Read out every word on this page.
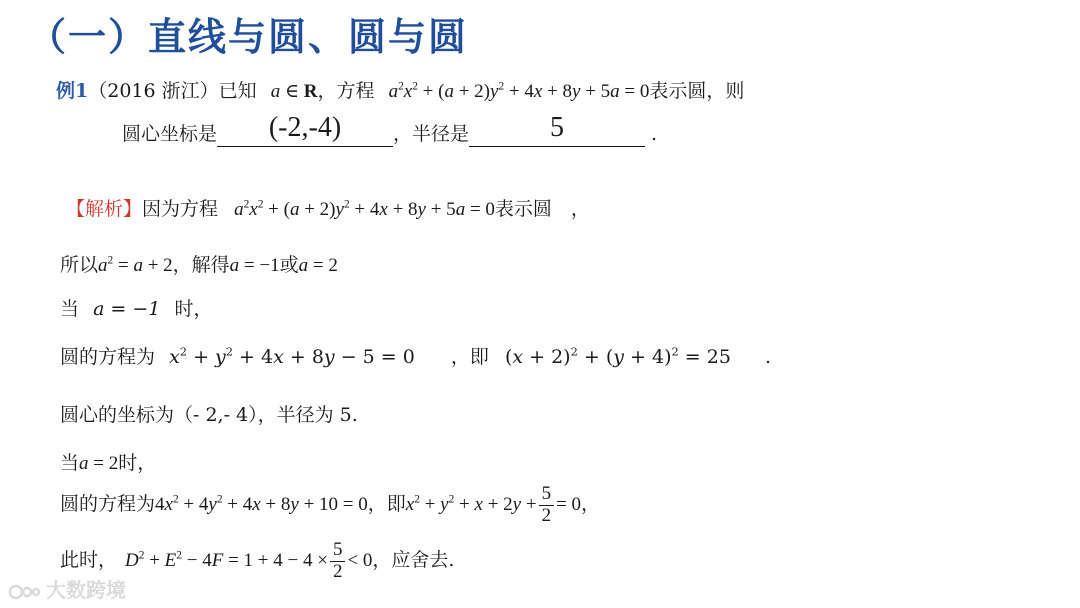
（一）直线与圆、圆与圆
例1（2016 浙江）已知 a ∈ R，方程 $a^2x^2 + (a + 2)y^2 + 4x + 8y + 5a = 0$表示圆，则
圆心坐标是 (-2,-4)	，半径是	5	.
【解析】因为方程 $a^2x^2 + (a + 2)y^2 + 4x + 8y + 5a = 0$表示圆　，
所以$a^2 = a + 2$，解得a = −1或a = 2
当 a = −1 时，
圆的方程为 $x^2 + y^2 + 4x + 8y - 5 = 0$ ，即 $(x + 2)^2 + (y + 4)^2 = 25$ .
圆心的坐标为（- 2,- 4），半径为 5.
当a = 2时，
圆的方程为$4x^2 + 4y^2 + 4x + 8y + 10 = 0$，即$x^2 + y^2 + x + 2y + \frac{5}{2} = 0$，
此时， $D^2 + E^2 - 4F = 1 + 4 - 4 \times \frac{5}{2} < 0$，应舍去.
大数跨境
